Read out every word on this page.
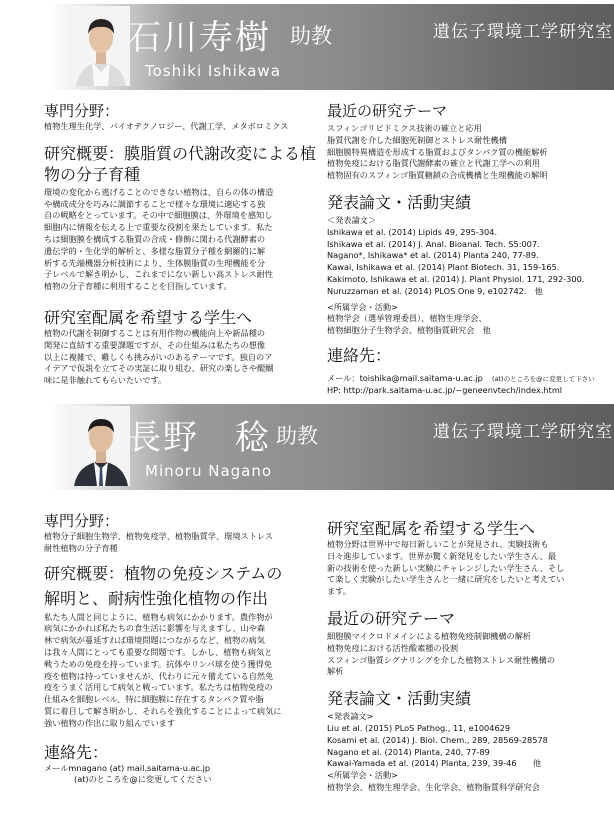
石川寿樹 助教
Toshiki Ishikawa
遺伝子環境工学研究室
専門分野：
植物生理生化学、バイオテクノロジー、代謝工学、メタボロミクス
研究概要：膜脂質の代謝改変による植物の分子育種
環境の変化から逃げることのできない植物は、自らの体の構造
や構成成分を巧みに調節することで様々な環境に適応する独
自の戦略をとっています。その中で細胞膜は、外環境を感知し
細胞内に情報を伝える上で重要な役割を果たしています。私た
ちは細胞膜を構成する脂質の合成・修飾に関わる代謝酵素の
遺伝学的・生化学的解析と、多様な脂質分子種を網羅的に解
析する先端機器分析技術により、生体膜脂質の生理機能を分
子レベルで解き明かし、これまでにない新しい高ストレス耐性
植物の分子育種に利用することを目指しています。
研究室配属を希望する学生へ
植物の代謝を制御することは有用作物の機能向上や新品種の
開発に直結する重要課題ですが、その仕組みは私たちの想像
以上に複雑で、難しくも挑みがいのあるテーマです。独自のア
イデアで仮説を立てその実証に取り組む、研究の楽しさや醍醐
味に是非触れてもらいたいです。
最近の研究テーマ
スフィンゴリピドミクス技術の確立と応用
脂質代謝を介した細胞死制御とストレス耐性機構
細胞膜特異構造を形成する脂質およびタンパク質の機能解析
植物免疫における脂質代謝酵素の確立と代謝工学への利用
植物固有のスフィンゴ脂質糖鎖の合成機構と生理機能の解明
発表論文・活動実績
＜発表論文＞
Ishikawa et al. (2014) Lipids 49, 295-304.
Ishikawa et al. (2014) J. Anal. Bioanal. Tech. S5:007.
Nagano*, Ishikawa* et al. (2014) Planta 240, 77-89.
Kawai, Ishikawa et al. (2014) Plant Biotech. 31, 159-165.
Kakimoto, Ishikawa et al. (2014) J. Plant Physiol. 171, 292-300.
Nuruzzaman et al. (2014) PLOS One 9, e102742.　他
<所属学会・活動>
植物学会（選挙管理委員）、植物生理学会、
植物細胞分子生物学会、植物脂質研究会　他
連絡先：
メール：toishika@mail.saitama-u.ac.jp (at)のところを@に変更して下さい
HP: http://park.saitama-u.ac.jp/~geneenvtech/index.html
長野　稔 助教
Minoru Nagano
遺伝子環境工学研究室
専門分野：
植物分子細胞生物学、植物免疫学、植物脂質学、環境ストレス
耐性植物の分子育種
研究概要：植物の免疫システムの
解明と、耐病性強化植物の作出
私たち人間と同じように、植物も病気にかかります。農作物が
病気にかかれば私たちの食生活に影響を与えますし、山や森
林で病気が蔓延すれば環境問題につながるなど、植物の病気
は我々人間にとっても重要な問題です。しかし、植物も病気と
戦うための免疫を持っています。抗体やリンパ球を使う獲得免
疫を植物は持っていませんが、代わりに元々備えている自然免
疫をうまく活用して病気と戦っています。私たちは植物免疫の
仕組みを細胞レベル、特に細胞膜に存在するタンパク質や脂
質に着目して解き明かし、それらを強化することによって病気に
強い植物の作出に取り組んでいます
連絡先：
メールmnagano (at) mail.saitama-u.ac.jp
(at)のところを@に変更してください
研究室配属を希望する学生へ
植物分野は世界中で毎日新しいことが発見され、実験技術も
日々進歩しています。世界が驚く新発見をしたい学生さん、最
新の技術を使った新しい実験にチャレンジしたい学生さん、そし
て楽しく実験がしたい学生さんと一緒に研究をしたいと考えてい
ます。
最近の研究テーマ
細胞膜マイクロドメインによる植物免疫制御機構の解析
植物免疫における活性酸素種の役割
スフィンゴ脂質シグナリングを介した植物ストレス耐性機構の
解析
発表論文・活動実績
<発表論文>
Liu et al. (2015) PLoS Pathog., 11, e1004629
Kosami et al. (2014) J. Biol. Chem., 289, 28569-28578
Nagano et al. (2014) Planta, 240, 77-89
Kawai-Yamada et al. (2014) Planta, 239, 39-46　　他
<所属学会・活動>
植物学会、植物生理学会、生化学会、植物脂質科学研究会
